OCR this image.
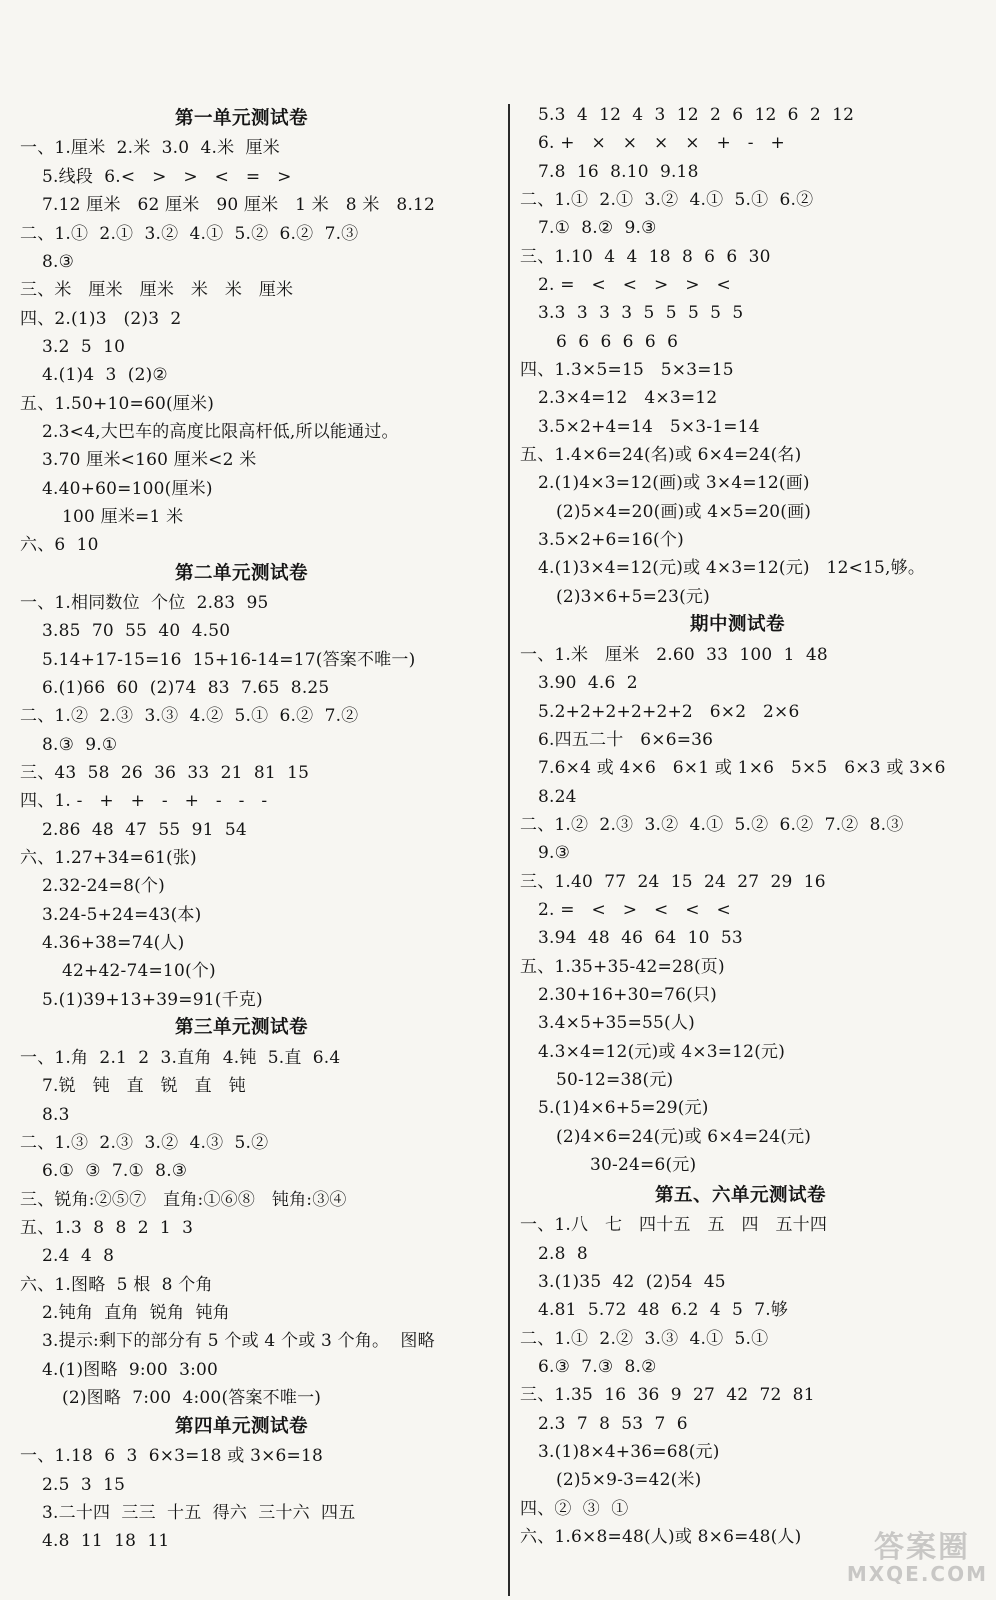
第一单元测试卷
一、1.厘米  2.米  3.0  4.米  厘米
5.线段  6.<   >   >   <   =   >
7.12 厘米   62 厘米   90 厘米   1 米   8 米   8.12
二、1.①  2.①  3.②  4.①  5.②  6.②  7.③
8.③
三、米   厘米   厘米   米   米   厘米
四、2.(1)3   (2)3  2
3.2  5  10
4.(1)4  3  (2)②
五、1.50+10=60(厘米)
2.3<4,大巴车的高度比限高杆低,所以能通过。
3.70 厘米<160 厘米<2 米
4.40+60=100(厘米)
100 厘米=1 米
六、6  10
第二单元测试卷
一、1.相同数位  个位  2.83  95
3.85  70  55  40  4.50
5.14+17-15=16  15+16-14=17(答案不唯一)
6.(1)66  60  (2)74  83  7.65  8.25
二、1.②  2.③  3.③  4.②  5.①  6.②  7.②
8.③  9.①
三、43  58  26  36  33  21  81  15
四、1. -   +   +   -   +   -   -   -
2.86  48  47  55  91  54
六、1.27+34=61(张)
2.32-24=8(个)
3.24-5+24=43(本)
4.36+38=74(人)
42+42-74=10(个)
5.(1)39+13+39=91(千克)
第三单元测试卷
一、1.角  2.1  2  3.直角  4.钝  5.直  6.4
7.锐   钝   直   锐   直   钝
8.3
二、1.③  2.③  3.②  4.③  5.②
6.①  ③  7.①  8.③
三、锐角:②⑤⑦   直角:①⑥⑧   钝角:③④
五、1.3  8  8  2  1  3
2.4  4  8
六、1.图略  5 根  8 个角
2.钝角  直角  锐角  钝角
3.提示:剩下的部分有 5 个或 4 个或 3 个角。  图略
4.(1)图略  9:00  3:00
(2)图略  7:00  4:00(答案不唯一)
第四单元测试卷
一、1.18  6  3  6×3=18 或 3×6=18
2.5  3  15
3.二十四  三三  十五  得六  三十六  四五
4.8  11  18  11
5.3  4  12  4  3  12  2  6  12  6  2  12
6. +   ×   ×   ×   ×   +   -   +
7.8  16  8.10  9.18
二、1.①  2.①  3.②  4.①  5.①  6.②
7.①  8.②  9.③
三、1.10  4  4  18  8  6  6  30
2. =   <   <   >   >   <
3.3  3  3  3  5  5  5  5  5
6  6  6  6  6  6
四、1.3×5=15   5×3=15
2.3×4=12   4×3=12
3.5×2+4=14   5×3-1=14
五、1.4×6=24(名)或 6×4=24(名)
2.(1)4×3=12(画)或 3×4=12(画)
(2)5×4=20(画)或 4×5=20(画)
3.5×2+6=16(个)
4.(1)3×4=12(元)或 4×3=12(元)   12<15,够。
(2)3×6+5=23(元)
期中测试卷
一、1.米   厘米   2.60  33  100  1  48
3.90  4.6  2
5.2+2+2+2+2+2   6×2   2×6
6.四五二十   6×6=36
7.6×4 或 4×6   6×1 或 1×6   5×5   6×3 或 3×6
8.24
二、1.②  2.③  3.②  4.①  5.②  6.②  7.②  8.③
9.③
三、1.40  77  24  15  24  27  29  16
2. =   <   >   <   <   <
3.94  48  46  64  10  53
五、1.35+35-42=28(页)
2.30+16+30=76(只)
3.4×5+35=55(人)
4.3×4=12(元)或 4×3=12(元)
50-12=38(元)
5.(1)4×6+5=29(元)
(2)4×6=24(元)或 6×4=24(元)
30-24=6(元)
第五、六单元测试卷
一、1.八   七   四十五   五   四   五十四
2.8  8
3.(1)35  42  (2)54  45
4.81  5.72  48  6.2  4  5  7.够
二、1.①  2.②  3.③  4.①  5.①
6.③  7.③  8.②
三、1.35  16  36  9  27  42  72  81
2.3  7  8  53  7  6
3.(1)8×4+36=68(元)
(2)5×9-3=42(米)
四、②  ③  ①
六、1.6×8=48(人)或 8×6=48(人) 答案圈
MXQE.COM
